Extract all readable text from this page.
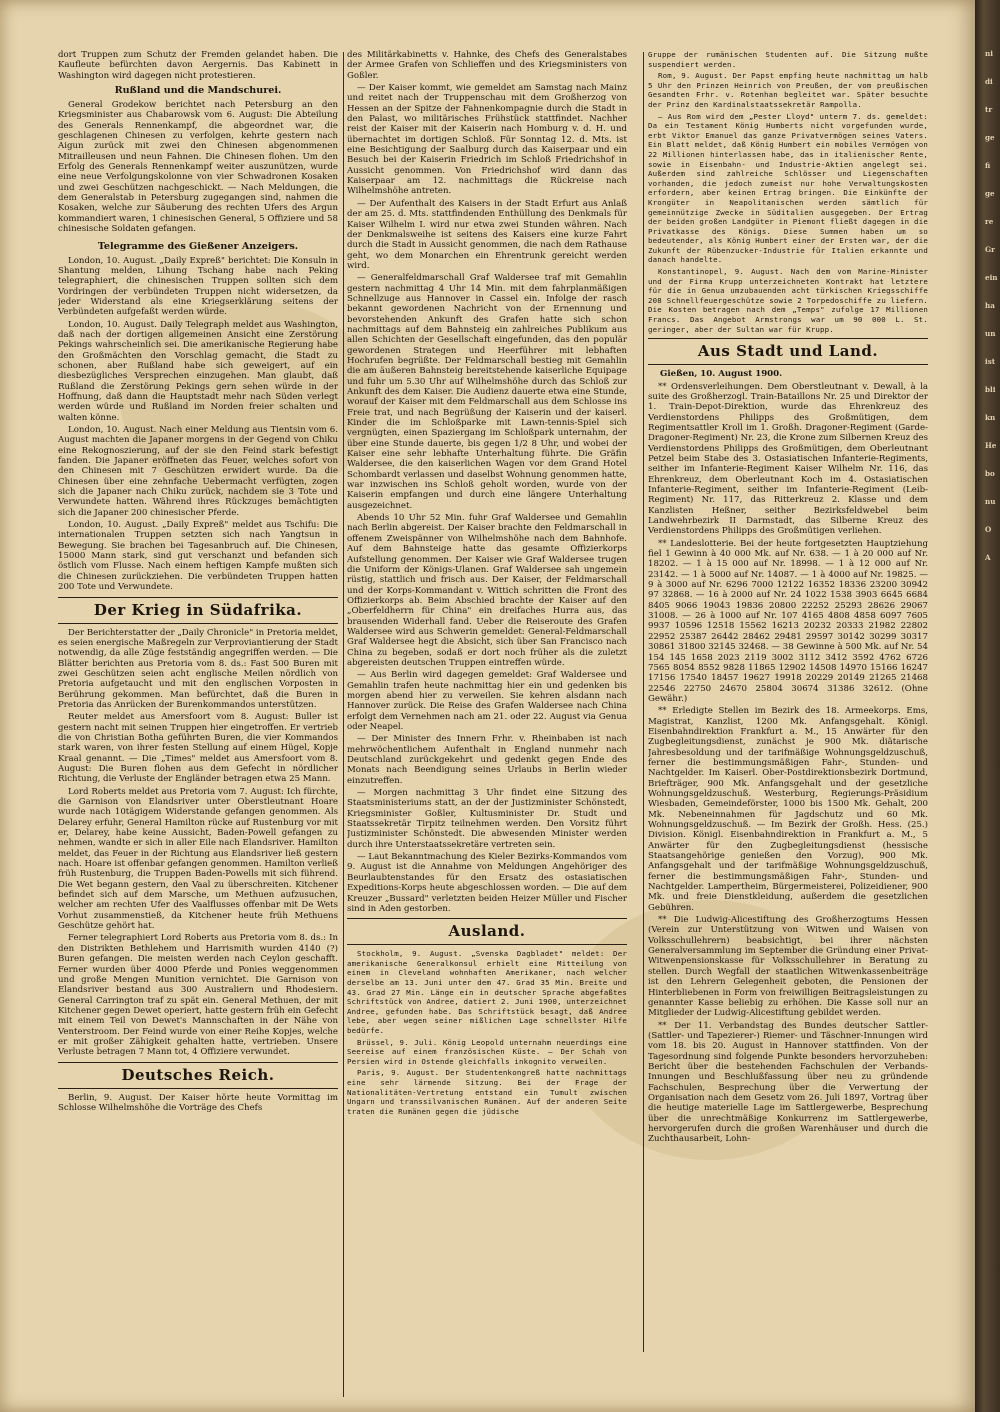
dort Truppen zum Schutz der Fremden gelandet haben. Die Kaufleute befürchten davon Aergernis. Das Kabinett in Washington wird dagegen nicht protestieren.

Rußland und die Mandschurei.

General Grodekow berichtet nach Petersburg an den Kriegsminister aus Chabarowsk vom 6. August: Die Abteilung des Generals Rennenkampf, die abgeordnet war, die geschlagenen Chinesen zu verfolgen, kehrte gestern nach Aigun zurück mit zwei den Chinesen abgenommenen Mitrailleusen und neun Fahnen. Die Chinesen flohen. Um den Erfolg des Generals Rennenkampf weiter auszunützen, wurde eine neue Verfolgungskolonne von vier Schwadronen Kosaken und zwei Geschützen nachgeschickt. — Nach Meldungen, die dem Generalstab in Petersburg zugegangen sind, nahmen die Kosaken, welche zur Säuberung des rechten Ufers des Argun kommandiert waren, 1 chinesischen General, 5 Offiziere und 58 chinesische Soldaten gefangen.

Telegramme des Gießener Anzeigers.

London, 10. August. „Daily Expreß" berichtet: Die Konsuln in Shantung melden, Lihung Tschang habe nach Peking telegraphiert, die chinesischen Truppen sollten sich dem Vordringen der verbündeten Truppen nicht widersetzen, da jeder Widerstand als eine Kriegserklärung seitens der Verbündeten aufgefaßt werden würde.

London, 10. August. Daily Telegraph meldet aus Washington, daß nach der dortigen allgemeinen Ansicht eine Zerstörung Pekings wahrscheinlich sei. Die amerikanische Regierung habe den Großmächten den Vorschlag gemacht, die Stadt zu schonen, aber Rußland habe sich geweigert, auf ein diesbezügliches Versprechen einzugehen. Man glaubt, daß Rußland die Zerstörung Pekings gern sehen würde in der Hoffnung, daß dann die Hauptstadt mehr nach Süden verlegt werden würde und Rußland im Norden freier schalten und walten könne.

London, 10. August. Nach einer Meldung aus Tientsin vom 6. August machten die Japaner morgens in der Gegend von Chiku eine Rekognoszierung, auf der sie den Feind stark befestigt fanden. Die Japaner eröffneten das Feuer, welches sofort von den Chinesen mit 7 Geschützen erwidert wurde. Da die Chinesen über eine zehnfache Uebermacht verfügten, zogen sich die Japaner nach Chiku zurück, nachdem sie 3 Tote und Verwundete hatten. Während ihres Rückzuges bemächtigten sich die Japaner 200 chinesischer Pferde.

London, 10. August. „Daily Expreß" meldet aus Tschifu: Die internationalen Truppen setzten sich nach Yangtsun in Bewegung. Sie brachen bei Tagesanbruch auf. Die Chinesen, 15000 Mann stark, sind gut verschanzt und befanden sich östlich vom Flusse. Nach einem heftigen Kampfe mußten sich die Chinesen zurückziehen. Die verbündeten Truppen hatten 200 Tote und Verwundete.

Der Krieg in Südafrika.

Der Berichterstatter der „Daily Chronicle" in Pretoria meldet, es seien energische Maßregeln zur Verproviantierung der Stadt notwendig, da alle Züge festständig angegriffen werden. — Die Blätter berichten aus Pretoria vom 8. ds.: Fast 500 Buren mit zwei Geschützen seien acht englische Meilen nördlich von Pretoria aufgetaucht und mit den englischen Vorposten in Berührung gekommen. Man befürchtet, daß die Buren in Pretoria das Anrücken der Burenkommandos unterstützen.

Reuter meldet aus Amersfoort vom 8. August: Buller ist gestern nacht mit seinen Truppen hier eingetroffen. Er vertrieb die von Christian Botha geführten Buren, die vier Kommandos stark waren, von ihrer festen Stellung auf einem Hügel, Kopje Kraal genannt. — Die „Times" meldet aus Amersfoort vom 8. August: Die Buren flohen aus dem Gefecht in nördlicher Richtung, die Verluste der Engländer betragen etwa 25 Mann.

Lord Roberts meldet aus Pretoria vom 7. August: Ich fürchte, die Garnison von Elandsriver unter Oberstleutnant Hoare wurde nach 10tägigem Widerstande gefangen genommen. Als Delarey erfuhr, General Hamilton rücke auf Rustenburg vor mit er, Delarey, habe keine Aussicht, Baden-Powell gefangen zu nehmen, wandte er sich in aller Eile nach Elandsriver. Hamilton meldet, das Feuer in der Richtung aus Elandsriver ließ gestern nach. Hoare ist offenbar gefangen genommen. Hamilton verließ früh Rustenburg, die Truppen Baden-Powells mit sich führend. Die Wet begann gestern, den Vaal zu überschreiten. Kitchener befindet sich auf dem Marsche, um Methuen aufzusuchen, welcher am rechten Ufer des Vaalflusses offenbar mit De Wets Vorhut zusammenstieß, da Kitchener heute früh Methuens Geschütze gehört hat.

Ferner telegraphiert Lord Roberts aus Pretoria vom 8. ds.: In den Distrikten Bethlehem und Harrismith wurden 4140 (?) Buren gefangen. Die meisten werden nach Ceylon geschafft. Ferner wurden über 4000 Pferde und Ponies weggenommen und große Mengen Munition vernichtet. Die Garnison von Elandsriver bestand aus 300 Australiern und Rhodesiern. General Carrington traf zu spät ein. General Methuen, der mit Kitchener gegen Dewet operiert, hatte gestern früh ein Gefecht mit einem Teil von Dewet's Mannschaften in der Nähe von Venterstroom. Der Feind wurde von einer Reihe Kopjes, welche er mit großer Zähigkeit gehalten hatte, vertrieben. Unsere Verluste betragen 7 Mann tot, 4 Offiziere verwundet.

Deutsches Reich.

Berlin, 9. August. Der Kaiser hörte heute Vormittag im Schlosse Wilhelmshöhe die Vorträge des Chefs

des Militärkabinetts v. Hahnke, des Chefs des Generalstabes der Armee Grafen von Schlieffen und des Kriegsministers von Goßler.

— Der Kaiser kommt, wie gemeldet am Samstag nach Mainz und reitet nach der Truppenschau mit dem Großherzog von Hessen an der Spitze der Fahnenkompagnie durch die Stadt in den Palast, wo militärisches Frühstück stattfindet. Nachher reist der Kaiser mit der Kaiserin nach Homburg v. d. H. und übernachtet im dortigen Schloß. Für Sonntag 12. d. Mts. ist eine Besichtigung der Saalburg durch das Kaiserpaar und ein Besuch bei der Kaiserin Friedrich im Schloß Friedrichshof in Aussicht genommen. Von Friedrichshof wird dann das Kaiserpaar am 12. nachmittags die Rückreise nach Wilhelmshöhe antreten.

— Der Aufenthalt des Kaisers in der Stadt Erfurt aus Anlaß der am 25. d. Mts. stattfindenden Enthüllung des Denkmals für Kaiser Wilhelm I. wird nur etwa zwei Stunden währen. Nach der Denkmalsweihe ist seitens des Kaisers eine kurze Fahrt durch die Stadt in Aussicht genommen, die nach dem Rathause geht, wo dem Monarchen ein Ehrentrunk gereicht werden wird.

— Generalfeldmarschall Graf Waldersee traf mit Gemahlin gestern nachmittag 4 Uhr 14 Min. mit dem fahrplanmäßigen Schnellzuge aus Hannover in Cassel ein. Infolge der rasch bekannt gewordenen Nachricht von der Ernennung und bevorstehenden Ankunft des Grafen hatte sich schon nachmittags auf dem Bahnsteig ein zahlreiches Publikum aus allen Schichten der Gesellschaft eingefunden, das den populär gewordenen Strategen und Heerführer mit lebhaften Hochrufen begrüßte. Der Feldmarschall bestieg mit Gemahlin die am äußeren Bahnsteig bereitstehende kaiserliche Equipage und fuhr um 5.30 Uhr auf Wilhelmshöhe durch das Schloß zur Ankunft des dem Kaiser. Die Audienz dauerte etwa eine Stunde, worauf der Kaiser mit dem Feldmarschall aus dem Schlosse ins Freie trat, und nach Begrüßung der Kaiserin und der kaiserl. Kinder die im Schloßparke mit Lawn-tennis-Spiel sich vergnügten, einen Spaziergang im Schloßpark unternahm, der über eine Stunde dauerte, bis gegen 1/2 8 Uhr, und wobei der Kaiser eine sehr lebhafte Unterhaltung führte. Die Gräfin Waldersee, die den kaiserlichen Wagen vor dem Grand Hotel Schombardt verlassen und daselbst Wohnung genommen hatte, war inzwischen ins Schloß geholt worden, wurde von der Kaiserin empfangen und durch eine längere Unterhaltung ausgezeichnet.

Abends 10 Uhr 52 Min. fuhr Graf Waldersee und Gemahlin nach Berlin abgereist. Der Kaiser brachte den Feldmarschall in offenem Zweispänner von Wilhelmshöhe nach dem Bahnhofe. Auf dem Bahnsteige hatte das gesamte Offizierkorps Aufstellung genommen. Der Kaiser wie Graf Waldersee trugen die Uniform der Königs-Ulanen. Graf Waldersee sah ungemein rüstig, stattlich und frisch aus. Der Kaiser, der Feldmarschall und der Korps-Kommandant v. Wittich schritten die Front des Offizierkorps ab. Beim Abschied brachte der Kaiser auf den „Oberfeldherrn für China" ein dreifaches Hurra aus, das brausenden Widerhall fand. Ueber die Reiseroute des Grafen Waldersee wird aus Schwerin gemeldet: General-Feldmarschall Graf Waldersee hegt die Absicht, sich über San Francisco nach China zu begeben, sodaß er dort noch früher als die zuletzt abgereisten deutschen Truppen eintreffen würde.

— Aus Berlin wird dagegen gemeldet: Graf Waldersee und Gemahlin trafen heute nachmittag hier ein und gedenken bis morgen abend hier zu verweilen. Sie kehren alsdann nach Hannover zurück. Die Reise des Grafen Waldersee nach China erfolgt dem Vernehmen nach am 21. oder 22. August via Genua oder Neapel.

— Der Minister des Innern Frhr. v. Rheinbaben ist nach mehrwöchentlichem Aufenthalt in England nunmehr nach Deutschland zurückgekehrt und gedenkt gegen Ende des Monats nach Beendigung seines Urlaubs in Berlin wieder einzutreffen.

— Morgen nachmittag 3 Uhr findet eine Sitzung des Staatsministeriums statt, an der der Justizminister Schönstedt, Kriegsminister Goßler, Kultusminister Dr. Studt und Staatssekretär Tirpitz teilnehmen werden. Den Vorsitz führt Justizminister Schönstedt. Die abwesenden Minister werden durch ihre Unterstaatssekretäre vertreten sein.

— Laut Bekanntmachung des Kieler Bezirks-Kommandos vom 9. August ist die Annahme von Meldungen Angehöriger des Beurlaubtenstandes für den Ersatz des ostasiatischen Expeditions-Korps heute abgeschlossen worden. — Die auf dem Kreuzer „Bussard" verletzten beiden Heizer Müller und Fischer sind in Aden gestorben.

Ausland.

Stockholm, 9. August. „Svenska Dagbladet" meldet: Der amerikanische Generalkonsul erhielt eine Mitteilung von einem in Cleveland wohnhaften Amerikaner, nach welcher derselbe am 13. Juni unter dem 47. Grad 35 Min. Breite und 43. Grad 27 Min. Länge ein in deutscher Sprache abgefaßtes Schriftstück von Andree, datiert 2. Juni 1900, unterzeichnet Andree, gefunden habe. Das Schriftstück besagt, daß Andree lebe, aber wegen seiner mißlichen Lage schnellster Hilfe bedürfe.

Brüssel, 9. Juli. König Leopold unternahm neuerdings eine Seereise auf einem französischen Küste. — Der Schah von Persien wird in Ostende gleichfalls inkognito verweilen.

Paris, 9. August. Der Studentenkongreß hatte nachmittags eine sehr lärmende Sitzung. Bei der Frage der Nationalitäten-Vertretung entstand ein Tumult zwischen Ungarn und transsilvanischen Rumänen. Auf der anderen Seite traten die Rumänen gegen die jüdische

Gruppe der rumänischen Studenten auf. Die Sitzung mußte suspendiert werden.

Rom, 9. August. Der Papst empfing heute nachmittag um halb 5 Uhr den Prinzen Heinrich von Preußen, der vom preußischen Gesandten Frhr. v. Rotenhan begleitet war. Später besuchte der Prinz den Kardinalstaatssekretär Rampolla.

— Aus Rom wird dem „Pester Lloyd" unterm 7. ds. gemeldet: Da ein Testament König Humberts nicht vorgefunden wurde, erbt Viktor Emanuel das ganze Privatvermögen seines Vaters. Ein Blatt meldet, daß König Humbert ein mobiles Vermögen von 22 Millionen hinterlassen habe, das in italienischer Rente, sowie in Eisenbahn- und Industrie-Aktien angelegt sei. Außerdem sind zahlreiche Schlösser und Liegenschaften vorhanden, die jedoch zumeist nur hohe Verwaltungskosten erfordern, aber keinen Ertrag bringen. Die Einkünfte der Krongüter in Neapolitanischen werden sämtlich für gemeinnützige Zwecke in Süditalien ausgegeben. Der Ertrag der beiden großen Landgüter in Piemont fließt dagegen in die Privatkasse des Königs. Diese Summen haben um so bedeutender, als König Humbert einer der Ersten war, der die Zukunft der Rübenzucker-Industrie für Italien erkannte und danach handelte.

Konstantinopel, 9. August. Nach dem vom Marine-Minister und der Firma Krupp unterzeichneten Kontrakt hat letztere für die in Genua umzubauenden acht türkischen Kriegsschiffe 208 Schnellfeuergeschütze sowie 2 Torpedoschiffe zu liefern. Die Kosten betragen nach dem „Temps" zufolge 17 Millionen Francs. Das Angebot Armstrongs war um 90 000 L. St. geringer, aber der Sultan war für Krupp.

Aus Stadt und Land.
Gießen, 10. August 1900.

** Ordensverleihungen. Dem Oberstleutnant v. Dewall, à la suite des Großherzogl. Train-Bataillons Nr. 25 und Direktor der 1. Train-Depot-Direktion, wurde das Ehrenkreuz des Verdienstordens Philipps des Großmütigen, dem Regimentsattler Kroll im 1. Großh. Dragoner-Regiment (Garde-Dragoner-Regiment) Nr. 23, die Krone zum Silbernen Kreuz des Verdienstordens Philipps des Großmütigen, dem Oberleutnant Petzel beim Stabe des 3. Ostasiatischen Infanterie-Regiments, seither im Infanterie-Regiment Kaiser Wilhelm Nr. 116, das Ehrenkreuz, dem Oberleutnant Koch im 4. Ostasiatischen Infanterie-Regiment, seither im Infanterie-Regiment (Leib-Regiment) Nr. 117, das Ritterkreuz 2. Klasse und dem Kanzlisten Heßner, seither Bezirksfeldwebel beim Landwehrbezirk II Darmstadt, das Silberne Kreuz des Verdienstordens Philipps des Großmütigen verliehen.

** Landeslotterie. Bei der heute fortgesetzten Hauptziehung fiel 1 Gewinn à 40 000 Mk. auf Nr. 638. — 1 à 20 000 auf Nr. 18202. — 1 à 15 000 auf Nr. 18998. — 1 à 12 000 auf Nr. 23142. — 1 à 5000 auf Nr. 14087. — 1 à 4000 auf Nr. 19825. — 9 à 3000 auf Nr. 6296 7000 12122 16352 18336 23200 30942 97 32868. — 16 à 2000 auf Nr. 24 1022 1538 3903 6645 6684 8405 9066 19043 19836 20800 22252 25293 28626 29067 31008. — 26 à 1000 auf Nr. 107 4165 4808 4858 6097 7605 9937 10596 12518 15562 16213 20232 20333 21982 22802 22952 25387 26442 28462 29481 29597 30142 30299 30317 30861 31800 32145 32468. — 38 Gewinne à 500 Mk. auf Nr. 54 154 145 1658 2023 2119 3002 3112 3412 3592 4762 6726 7565 8054 8552 9828 11865 12902 14508 14970 15166 16247 17156 17540 18457 19627 19918 20229 20149 21265 21468 22546 22750 24670 25804 30674 31386 32612. (Ohne Gewähr.)

** Erledigte Stellen im Bezirk des 18. Armeekorps. Ems, Magistrat, Kanzlist, 1200 Mk. Anfangsgehalt. Königl. Eisenbahndirektion Frankfurt a. M., 15 Anwärter für den Zugbegleitungsdienst, zunächst je 900 Mk. diätarische Jahresbesoldung und der tarifmäßige Wohnungsgeldzuschuß, ferner die bestimmungsmäßigen Fahr-, Stunden- und Nachtgelder. Im Kaiserl. Ober-Postdirektionsbezirk Dortmund, Briefträger, 900 Mk. Anfangsgehalt und der gesetzliche Wohnungsgeldzuschuß. Westerburg, Regierungs-Präsidium Wiesbaden, Gemeindeförster, 1000 bis 1500 Mk. Gehalt, 200 Mk. Nebeneinnahmen für Jagdschutz und 60 Mk. Wohnungsgeldzuschuß. — Im Bezirk der Großh. Hess. (25.) Division. Königl. Eisenbahndirektion in Frankfurt a. M., 5 Anwärter für den Zugbegleitungsdienst (hessische Staatsangehörige genießen den Vorzug), 900 Mk. Anfangsgehalt und der tarifmäßige Wohnungsgeldzuschuß, ferner die bestimmungsmäßigen Fahr-, Stunden- und Nachtgelder. Lampertheim, Bürgermeisterei, Polizeidiener, 900 Mk. und freie Dienstkleidung, außerdem die gesetzlichen Gebühren.

** Die Ludwig-Alicestiftung des Großherzogtums Hessen (Verein zur Unterstützung von Witwen und Waisen von Volksschullehrern) beabsichtigt, bei ihrer nächsten Generalversammlung im September die Gründung einer Privat-Witwenpensionskasse für Volksschullehrer in Beratung zu stellen. Durch Wegfall der staatlichen Witwenkassenbeiträge ist den Lehrern Gelegenheit geboten, die Pensionen der Hinterbliebenen in Form von freiwilligen Beitragsleistungen zu genannter Kasse beliebig zu erhöhen. Die Kasse soll nur an Mitglieder der Ludwig-Alicestiftung gebildet werden.

** Der 11. Verbandstag des Bundes deutscher Sattler- (Sattler- und Tapezierer-) Riemer- und Täschner-Innungen wird vom 18. bis 20. August in Hannover stattfinden. Von der Tagesordnung sind folgende Punkte besonders hervorzuheben: Bericht über die bestehenden Fachschulen der Verbands-Innungen und Beschlußfassung über neu zu gründende Fachschulen, Besprechung über die Verwertung der Organisation nach dem Gesetz vom 26. Juli 1897, Vortrag über die heutige materielle Lage im Sattlergewerbe, Besprechung über die unrechtmäßige Konkurrenz im Sattlergewerbe, hervorgerufen durch die großen Warenhäuser und durch die Zuchthausarbeit, Lohn-

ni
di
tr
ge
fi
ge
re
Gr
ein
ha
un
ist
bli
kn
He
bo
nu
O
A
